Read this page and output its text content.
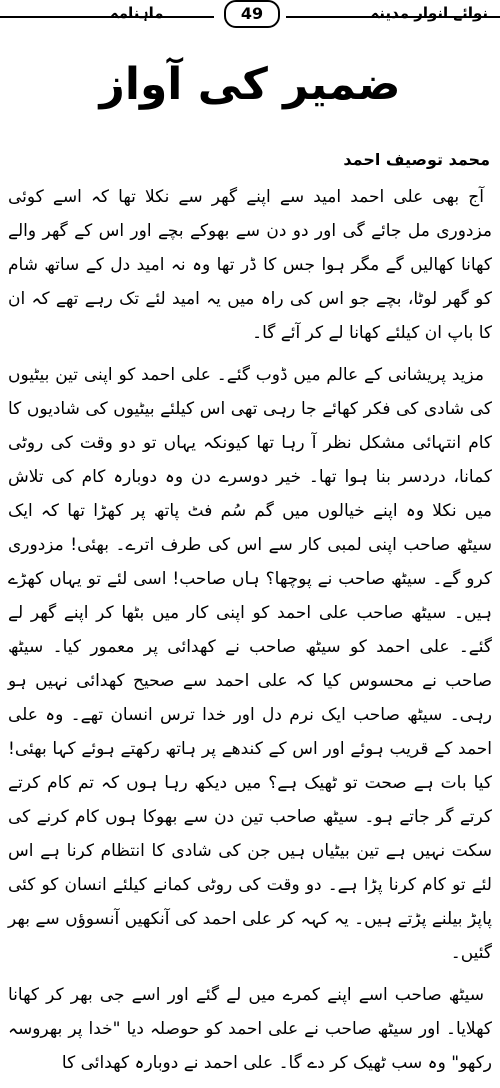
ماہنامہ	49	نوائے انوار مدینہ
ضمیر کی آواز
محمد توصیف احمد

آج بھی علی احمد امید سے اپنے گھر سے نکلا تھا کہ اسے کوئی مزدوری مل جائے گی اور دو دن سے بھوکے بچے اور اس کے گھر والے کھانا کھالیں گے مگر ہوا جس کا ڈر تھا وہ نہ امید دل کے ساتھ شام کو گھر لوٹا، بچے جو اس کی راہ میں یہ امید لئے تک رہے تھے کہ ان کا باپ ان کیلئے کھانا لے کر آئے گا۔

مزید پریشانی کے عالم میں ڈوب گئے۔ علی احمد کو اپنی تین بیٹیوں کی شادی کی فکر کھائے جا رہی تھی اس کیلئے بیٹیوں کی شادیوں کا کام انتہائی مشکل نظر آ رہا تھا کیونکہ یہاں تو دو وقت کی روٹی کمانا، دردسر بنا ہوا تھا۔ خیر دوسرے دن وہ دوبارہ کام کی تلاش میں نکلا وہ اپنے خیالوں میں گم سُم فٹ پاتھ پر کھڑا تھا کہ ایک سیٹھ صاحب اپنی لمبی کار سے اس کی طرف اترے۔ بھئی! مزدوری کرو گے۔ سیٹھ صاحب نے پوچھا؟ ہاں صاحب! اسی لئے تو یہاں کھڑے ہیں۔ سیٹھ صاحب علی احمد کو اپنی کار میں بٹھا کر اپنے گھر لے گئے۔ علی احمد کو سیٹھ صاحب نے کھدائی پر معمور کیا۔ سیٹھ صاحب نے محسوس کیا کہ علی احمد سے صحیح کھدائی نہیں ہو رہی۔ سیٹھ صاحب ایک نرم دل اور خدا ترس انسان تھے۔ وہ علی احمد کے قریب ہوئے اور اس کے کندھے پر ہاتھ رکھتے ہوئے کہا بھئی! کیا بات ہے صحت تو ٹھیک ہے؟ میں دیکھ رہا ہوں کہ تم کام کرتے کرتے گر جاتے ہو۔ سیٹھ صاحب تین دن سے بھوکا ہوں کام کرنے کی سکت نہیں ہے تین بیٹیاں ہیں جن کی شادی کا انتظام کرنا ہے اس لئے تو کام کرنا پڑا ہے۔ دو وقت کی روٹی کمانے کیلئے انسان کو کئی پاپڑ بیلنے پڑتے ہیں۔ یہ کہہ کر علی احمد کی آنکھیں آنسوؤں سے بھر گئیں۔

سیٹھ صاحب اسے اپنے کمرے میں لے گئے اور اسے جی بھر کر کھانا کھلایا۔ اور سیٹھ صاحب نے علی احمد کو حوصلہ دیا "خدا پر بھروسہ رکھو" وہ سب ٹھیک کر دے گا۔ علی احمد نے دوبارہ کھدائی کا
